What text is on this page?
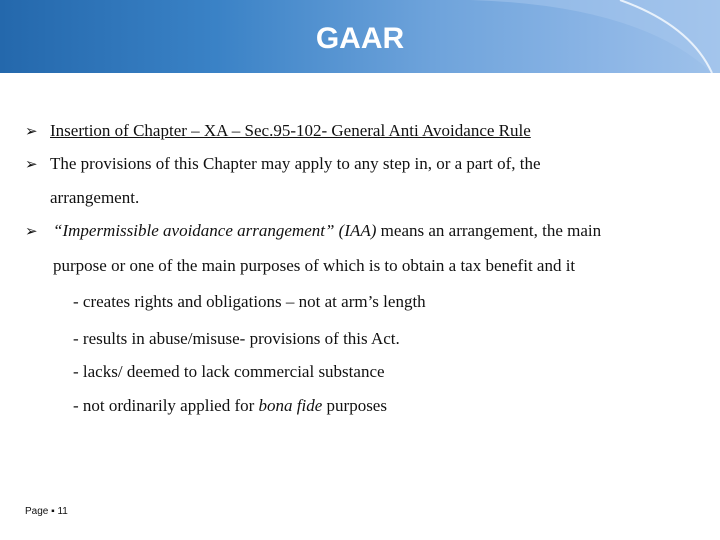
GAAR
➢ Insertion of Chapter – XA – Sec.95-102- General Anti Avoidance Rule
➢ The provisions of this Chapter may apply to any step in, or a part of, the
arrangement.
➢ “Impermissible avoidance arrangement” (IAA) means an arrangement, the main
purpose or one of the main purposes of which is to obtain a tax benefit and it
- creates rights and obligations – not at arm’s length
- results in abuse/misuse- provisions of this Act.
- lacks/ deemed to lack commercial substance
- not ordinarily applied for bona fide purposes
Page ▪ 11
